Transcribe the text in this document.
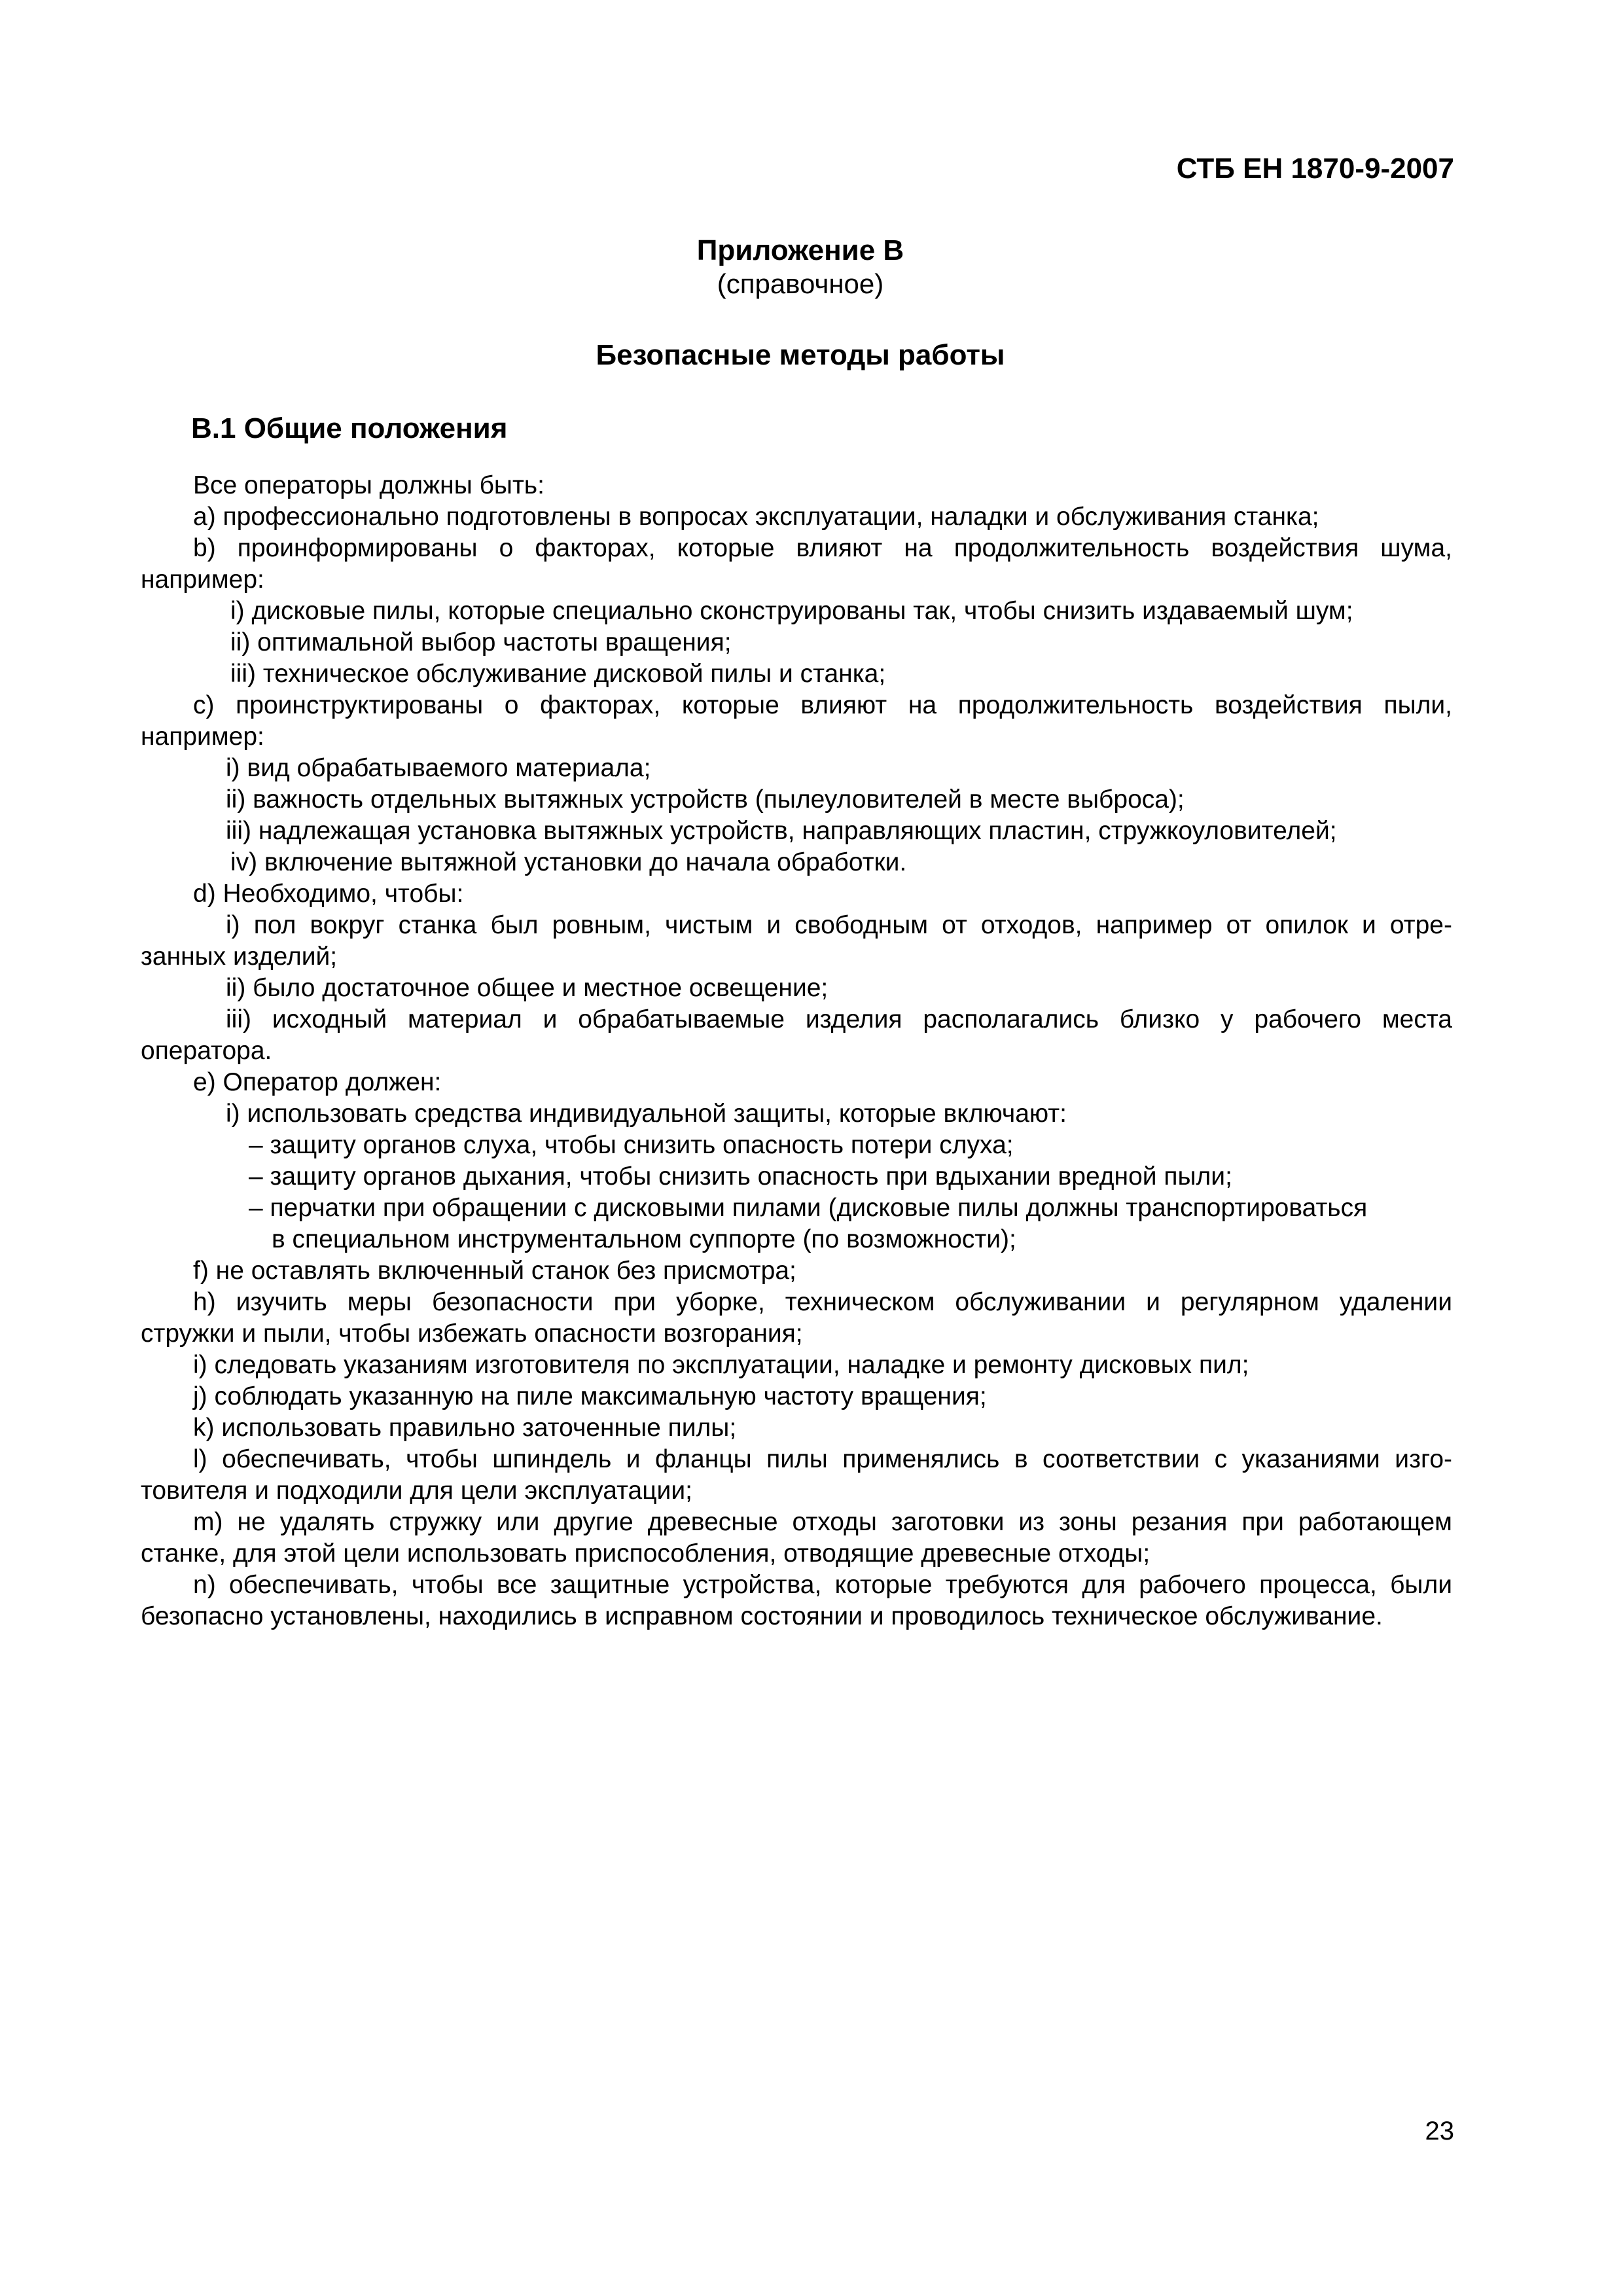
СТБ ЕН 1870-9-2007
Приложение В
(справочное)
Безопасные методы работы
В.1 Общие положения
Все операторы должны быть:
a) профессионально подготовлены в вопросах эксплуатации, наладки и обслуживания станка;
b) проинформированы о факторах, которые влияют на продолжительность воздействия шума,
например:
i) дисковые пилы, которые специально сконструированы так, чтобы снизить издаваемый шум;
ii) оптимальной выбор частоты вращения;
iii) техническое обслуживание дисковой пилы и станка;
c) проинструктированы о факторах, которые влияют на продолжительность воздействия пыли,
например:
i) вид обрабатываемого материала;
ii) важность отдельных вытяжных устройств (пылеуловителей в месте выброса);
iii) надлежащая установка вытяжных устройств, направляющих пластин, стружкоуловителей;
iv) включение вытяжной установки до начала обработки.
d) Необходимо, чтобы:
i) пол вокруг станка был ровным, чистым и свободным от отходов, например от опилок и отре-
занных изделий;
ii) было достаточное общее и местное освещение;
iii) исходный материал и обрабатываемые изделия располагались близко у рабочего места
оператора.
e) Оператор должен:
i) использовать средства индивидуальной защиты, которые включают:
– защиту органов слуха, чтобы снизить опасность потери слуха;
– защиту органов дыхания, чтобы снизить опасность при вдыхании вредной пыли;
– перчатки при обращении с дисковыми пилами (дисковые пилы должны транспортироваться
в специальном инструментальном суппорте (по возможности);
f) не оставлять включенный станок без присмотра;
h) изучить меры безопасности при уборке, техническом обслуживании и регулярном удалении
стружки и пыли, чтобы избежать опасности возгорания;
i) следовать указаниям изготовителя по эксплуатации, наладке и ремонту дисковых пил;
j) соблюдать указанную на пиле максимальную частоту вращения;
k) использовать правильно заточенные пилы;
l) обеспечивать, чтобы шпиндель и фланцы пилы применялись в соответствии с указаниями изго-
товителя и подходили для цели эксплуатации;
m) не удалять стружку или другие древесные отходы заготовки из зоны резания при работающем
станке, для этой цели использовать приспособления, отводящие древесные отходы;
n) обеспечивать, чтобы все защитные устройства, которые требуются для рабочего процесса, были
безопасно установлены, находились в исправном состоянии и проводилось техническое обслуживание.
23
